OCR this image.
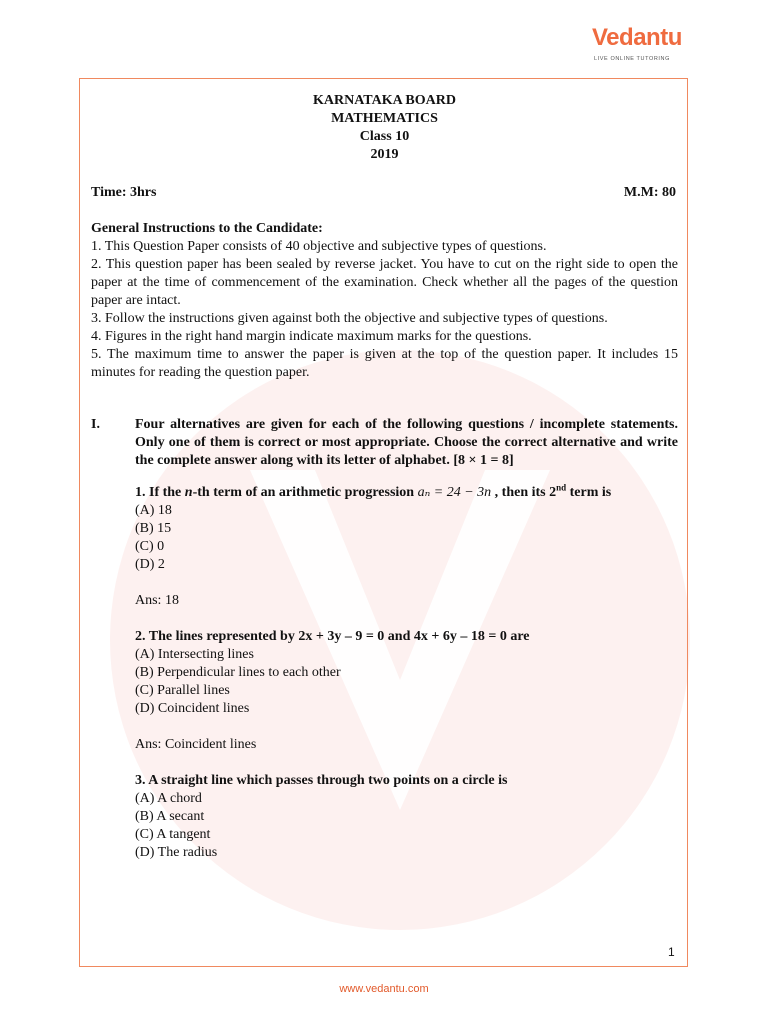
Vedantu
LIVE ONLINE TUTORING
KARNATAKA BOARD
MATHEMATICS
Class 10
2019
Time: 3hrs	M.M: 80
General Instructions to the Candidate:
1. This Question Paper consists of 40 objective and subjective types of questions.
2. This question paper has been sealed by reverse jacket. You have to cut on the right side to open the paper at the time of commencement of the examination. Check whether all the pages of the question paper are intact.
3. Follow the instructions given against both the objective and subjective types of questions.
4. Figures in the right hand margin indicate maximum marks for the questions.
5. The maximum time to answer the paper is given at the top of the question paper. It includes 15 minutes for reading the question paper.
I.	Four alternatives are given for each of the following questions / incomplete statements. Only one of them is correct or most appropriate. Choose the correct alternative and write the complete answer along with its letter of alphabet. [8 × 1 = 8]
1. If the n-th term of an arithmetic progression aₙ = 24 − 3n , then its 2nd term is
(A) 18
(B) 15
(C) 0
(D) 2
Ans: 18
2. The lines represented by 2x + 3y – 9 = 0 and 4x + 6y – 18 = 0 are
(A) Intersecting lines
(B) Perpendicular lines to each other
(C) Parallel lines
(D) Coincident lines
Ans: Coincident lines
3. A straight line which passes through two points on a circle is
(A) A chord
(B) A secant
(C) A tangent
(D) The radius
1
www.vedantu.com
